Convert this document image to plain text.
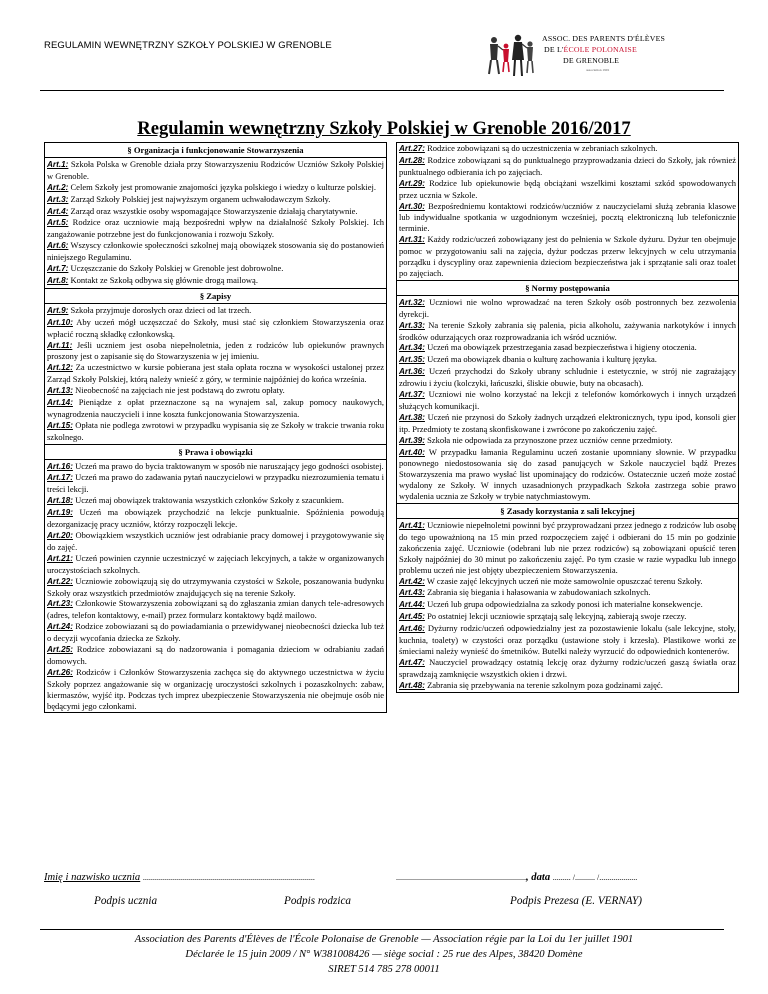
REGULAMIN WEWNĘTRZNY SZKOŁY POLSKIEJ W GRENOBLE
ASSOC. DES PARENTS D'ÉLÈVES
DE L'ÉCOLE POLONAISE
DE GRENOBLE
association 1901
Regulamin wewnętrzny Szkoły Polskiej w Grenoble 2016/2017
§ Organizacja i funkcjonowanie Stowarzyszenia
Art.1: Szkoła Polska w Grenoble działa przy Stowarzyszeniu Rodziców Uczniów Szkoły Polskiej w Grenoble.
Art.2: Celem Szkoły jest promowanie znajomości języka polskiego i wiedzy o kulturze polskiej.
Art.3: Zarząd Szkoły Polskiej jest najwyższym organem uchwałodawczym Szkoły.
Art.4: Zarząd oraz wszystkie osoby wspomagające Stowarzyszenie działają charytatywnie.
Art.5: Rodzice oraz uczniowie mają bezpośredni wpływ na działalność Szkoły Polskiej. Ich zangażowanie potrzebne jest do funkcjonowania i rozwoju Szkoły.
Art.6: Wszyscy członkowie społeczności szkolnej mają obowiązek stosowania się do postanowień niniejszego Regulaminu.
Art.7: Uczęszczanie do Szkoły Polskiej w Grenoble jest dobrowolne.
Art.8: Kontakt ze Szkołą odbywa się głównie drogą mailową.
§ Zapisy
Art.9: Szkoła przyjmuje dorosłych oraz dzieci od lat trzech.
Art.10: Aby uczeń mógł uczęszczać do Szkoły, musi stać się członkiem Stowarzyszenia oraz wpłacić roczną składkę członkowską.
Art.11: Jeśli uczniem jest osoba niepełnoletnia, jeden z rodziców lub opiekunów prawnych proszony jest o zapisanie się do Stowarzyszenia w jej imieniu.
Art.12: Za uczestnictwo w kursie pobierana jest stała opłata roczna w wysokości ustalonej przez Zarząd Szkoły Polskiej, którą należy wnieść z góry, w terminie najpóźniej do końca września.
Art.13: Nieobecność na zajęciach nie jest podstawą do zwrotu opłaty.
Art.14: Pieniądze z opłat przeznaczone są na wynajem sal, zakup pomocy naukowych, wynagrodzenia nauczycieli i inne koszta funkcjonowania Stowarzyszenia.
Art.15: Opłata nie podlega zwrotowi w przypadku wypisania się ze Szkoły w trakcie trwania roku szkolnego.
§ Prawa i obowiązki
Art.16: Uczeń ma prawo do bycia traktowanym w sposób nie naruszający jego godności osobistej.
Art.17: Uczeń ma prawo do zadawania pytań nauczycielowi w przypadku niezrozumienia tematu i treści lekcji.
Art.18: Uczeń maj obowiązek traktowania wszystkich członków Szkoły z szacunkiem.
Art.19: Uczeń ma obowiązek przychodzić na lekcje punktualnie. Spóźnienia powodują dezorganizację pracy uczniów, którzy rozpoczęli lekcje.
Art.20: Obowiązkiem wszystkich uczniów jest odrabianie pracy domowej i przygotowywanie się do zajęć.
Art.21: Uczeń powinien czynnie uczestniczyć w zajęciach lekcyjnych, a także w organizowanych uroczystościach szkolnych.
Art.22: Uczniowie zobowiązują się do utrzymywania czystości w Szkole, poszanowania budynku Szkoły oraz wszystkich przedmiotów znajdujących się na terenie Szkoły.
Art.23: Członkowie Stowarzyszenia zobowiązani są do zgłaszania zmian danych tele-adresowych (adres, telefon kontaktowy, e-mail) przez formularz kontaktowy bądź mailowo.
Art.24: Rodzice zobowiazani są do powiadamiania o przewidywanej nieobecności dziecka lub też o decyzji wycofania dziecka ze Szkoły.
Art.25: Rodzice zobowiazani są do nadzorowania i pomagania dzieciom w odrabianiu zadań domowych.
Art.26: Rodziców i Członków Stowarzyszenia zachęca się do aktywnego uczestnictwa w życiu Szkoły poprzez angażowanie się w organizację uroczystości szkolnych i pozaszkolnych: zabaw, kiermaszów, wyjść itp. Podczas tych imprez ubezpieczenie Stowarzyszenia nie obejmuje osób nie będącymi jego członkami.
Art.27: Rodzice zobowiązani są do uczestniczenia w zebraniach szkolnych.
Art.28: Rodzice zobowiązani są do punktualnego przyprowadzania dzieci do Szkoły, jak również punktualnego odbierania ich po zajęciach.
Art.29: Rodzice lub opiekunowie będą obciążani wszelkimi kosztami szkód spowodowanych przez ucznia w Szkole.
Art.30: Bezpośredniemu kontaktowi rodziców/uczniów z nauczycielami służą zebrania klasowe lub indywidualne spotkania w uzgodnionym wcześniej, pocztą elektroniczną lub telefonicznie terminie.
Art.31: Każdy rodzic/uczeń zobowiązany jest do pełnienia w Szkole dyżuru. Dyżur ten obejmuje pomoc w przygotowaniu sali na zajęcia, dyżur podczas przerw lekcyjnych w celu utrzymania porządku i dyscypliny oraz zapewnienia dzieciom bezpieczeństwa jak i sprzątanie sali oraz toalet po zajęciach.
§ Normy postępowania
Art.32: Uczniowi nie wolno wprowadzać na teren Szkoły osób postronnych bez zezwolenia dyrekcji.
Art.33: Na terenie Szkoły zabrania się palenia, picia alkoholu, zażywania narkotyków i innych środków odurzających oraz rozprowadzania ich wśród uczniów.
Art.34: Uczeń ma obowiązek przestrzegania zasad bezpieczeństwa i higieny otoczenia.
Art.35: Uczeń ma obowiązek dbania o kulturę zachowania i kulturę języka.
Art.36: Uczeń przychodzi do Szkoły ubrany schludnie i estetycznie, w strój nie zagrażający zdrowiu i życiu (kolczyki, łańcuszki, śliskie obuwie, buty na obcasach).
Art.37: Uczniowi nie wolno korzystać na lekcji z telefonów komórkowych i innych urządzeń służących komunikacji.
Art.38: Uczeń nie przynosi do Szkoły żadnych urządzeń elektronicznych, typu ipod, konsoli gier itp. Przedmioty te zostaną skonfiskowane i zwrócone po zakończeniu zajęć.
Art.39: Szkoła nie odpowiada za przynoszone przez uczniów cenne przedmioty.
Art.40: W przypadku łamania Regulaminu uczeń zostanie upomniany słownie. W przypadku ponownego niedostosowania się do zasad panujących w Szkole nauczyciel bądź Prezes Stowarzyszenia ma prawo wysłać list upominający do rodziców. Ostatecznie uczeń może zostać wydalony ze Szkoły. W innych uzasadnionych przypadkach Szkoła zastrzega sobie prawo wydalenia ucznia ze Szkoły w trybie natychmiastowym.
§ Zasady korzystania z sali lekcyjnej
Art.41: Uczniowie niepełnoletni powinni być przyprowadzani przez jednego z rodziców lub osobę do tego upoważnioną na 15 min przed rozpoczęciem zajęć i odbierani do 15 min po godzinie zakończenia zajęć. Uczniowie (odebrani lub nie przez rodziców) są zobowiązani opuścić teren Szkoły najpóźniej do 30 minut po zakończeniu zajęć. Po tym czasie w razie wypadku lub innego problemu uczeń nie jest objęty ubezpieczeniem Stowarzyszenia.
Art.42: W czasie zajęć lekcyjnych uczeń nie może samowolnie opuszczać terenu Szkoły.
Art.43: Zabrania się biegania i hałasowania w zabudowaniach szkolnych.
Art.44: Uczeń lub grupa odpowiedzialna za szkody ponosi ich materialne konsekwencje.
Art.45: Po ostatniej lekcji uczniowie sprzątają salę lekcyjną, zabierają swoje rzeczy.
Art.46: Dyżurny rodzic/uczeń odpowiedzialny jest za pozostawienie lokalu (sale lekcyjne, stoły, kuchnia, toalety) w czystości oraz porządku (ustawione stoły i krzesła). Plastikowe worki ze śmieciami należy wynieść do śmetników. Butelki należy wyrzucić do odpowiednich kontenerów.
Art.47: Nauczyciel prowadzący ostatnią lekcję oraz dyżurny rodzic/uczeń gaszą światła oraz sprawdzają zamknięcie wszystkich okien i drzwi.
Art.48: Zabrania się przebywania na terenie szkolnym poza godzinami zajęć.
Imię i nazwisko ucznia ......................................................................................	................................................................., data ......... /.......... /...................
Podpis ucznia	Podpis rodzica	Podpis Prezesa (E. VERNAY)
Association des Parents d'Élèves de l'École Polonaise de Grenoble — Association régie par la Loi du 1er juillet 1901
Déclarée le 15 juin 2009 / N° W381008426 — siège social : 25 rue des Alpes, 38420 Domène
SIRET 514 785 278 00011
